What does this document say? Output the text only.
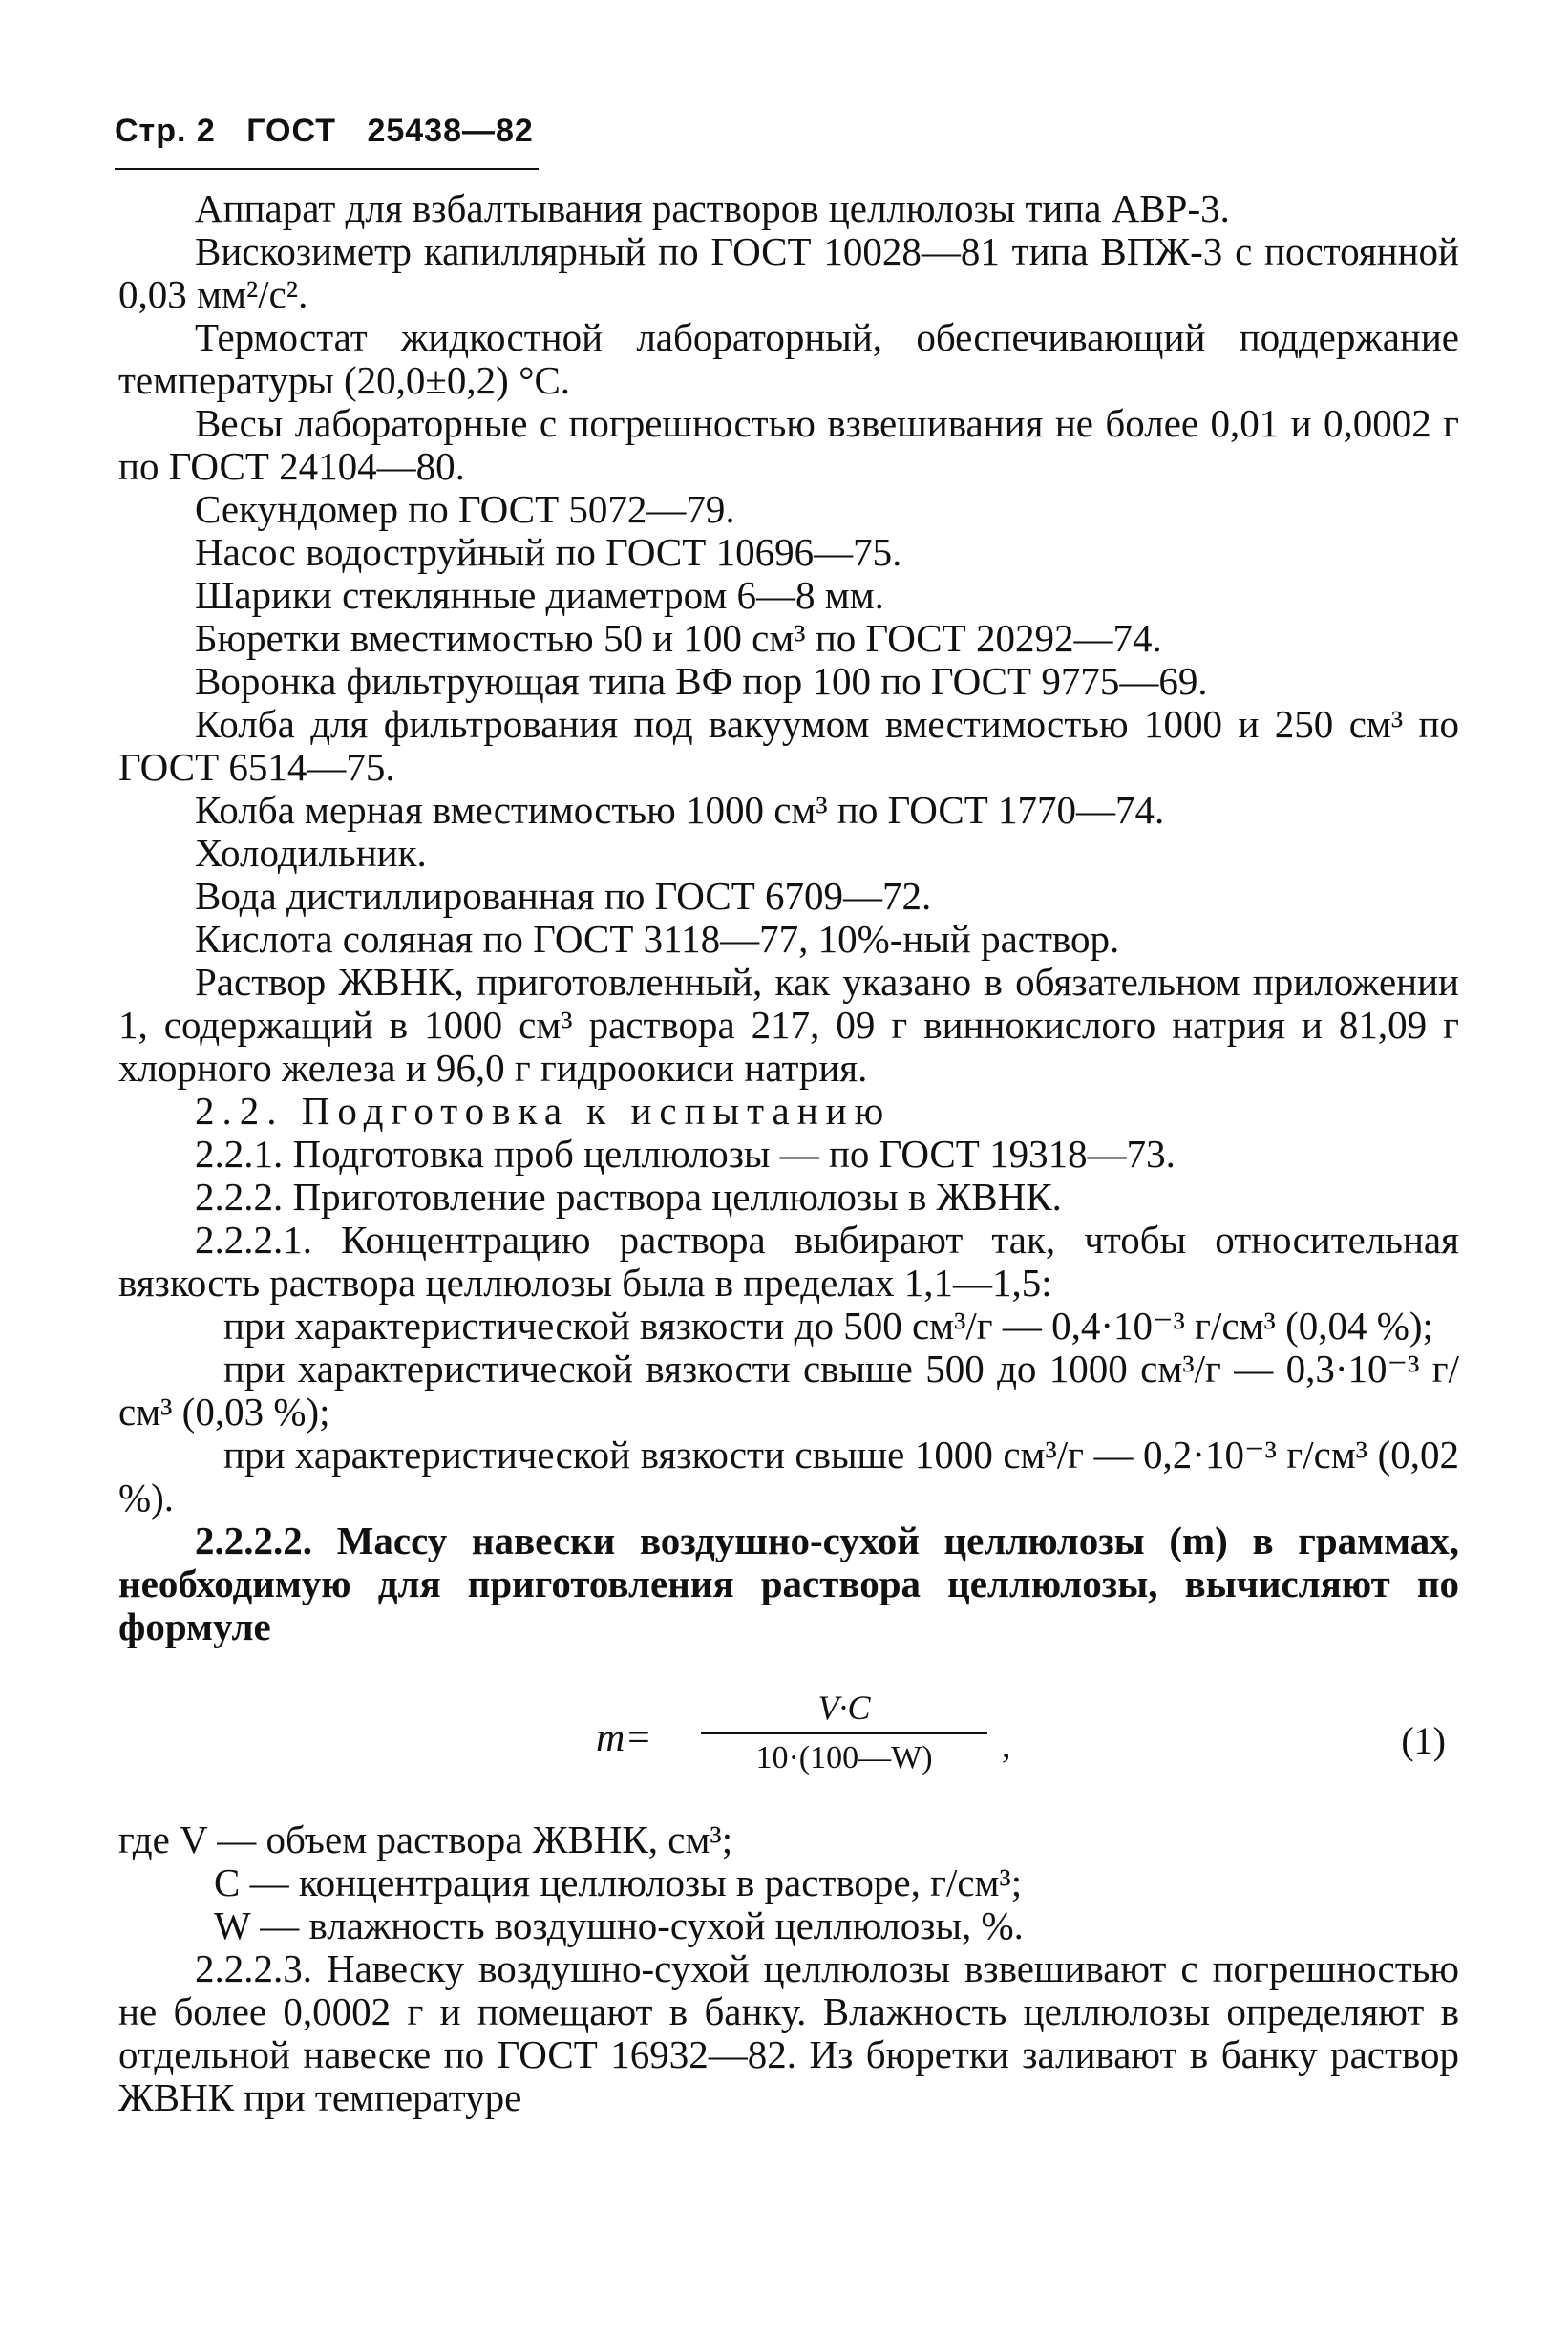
Стр. 2 ГОСТ 25438—82

Аппарат для взбалтывания растворов целлюлозы типа АВР-3.

Вискозиметр капиллярный по ГОСТ 10028—81 типа ВПЖ-3 с постоянной 0,03 мм²/с².

Термостат жидкостной лабораторный, обеспечивающий поддержание температуры (20,0±0,2) °С.

Весы лабораторные с погрешностью взвешивания не более 0,01 и 0,0002 г по ГОСТ 24104—80.

Секундомер по ГОСТ 5072—79.

Насос водоструйный по ГОСТ 10696—75.

Шарики стеклянные диаметром 6—8 мм.

Бюретки вместимостью 50 и 100 см³ по ГОСТ 20292—74.

Воронка фильтрующая типа ВФ пор 100 по ГОСТ 9775—69.

Колба для фильтрования под вакуумом вместимостью 1000 и 250 см³ по ГОСТ 6514—75.

Колба мерная вместимостью 1000 см³ по ГОСТ 1770—74.

Холодильник.

Вода дистиллированная по ГОСТ 6709—72.

Кислота соляная по ГОСТ 3118—77, 10%-ный раствор.

Раствор ЖВНК, приготовленный, как указано в обязательном приложении 1, содержащий в 1000 см³ раствора 217, 09 г виннокислого натрия и 81,09 г хлорного железа и 96,0 г гидроокиси натрия.

2.2. Подготовка к испытанию

2.2.1. Подготовка проб целлюлозы — по ГОСТ 19318—73.

2.2.2. Приготовление раствора целлюлозы в ЖВНК.

2.2.2.1. Концентрацию раствора выбирают так, чтобы относительная вязкость раствора целлюлозы была в пределах 1,1—1,5:

при характеристической вязкости до 500 см³/г — 0,4·10⁻³ г/см³ (0,04 %);

при характеристической вязкости свыше 500 до 1000 см³/г — 0,3·10⁻³ г/см³ (0,03 %);

при характеристической вязкости свыше 1000 см³/г — 0,2·10⁻³ г/см³ (0,02 %).

2.2.2.2. Массу навески воздушно-сухой целлюлозы (m) в граммах, необходимую для приготовления раствора целлюлозы, вычисляют по формуле

m=
V·C
10·(100—W)	,	(1)

где V — объем раствора ЖВНК, см³;

C — концентрация целлюлозы в растворе, г/см³;

W — влажность воздушно-сухой целлюлозы, %.

2.2.2.3. Навеску воздушно-сухой целлюлозы взвешивают с погрешностью не более 0,0002 г и помещают в банку. Влажность целлюлозы определяют в отдельной навеске по ГОСТ 16932—82. Из бюретки заливают в банку раствор ЖВНК при температуре
